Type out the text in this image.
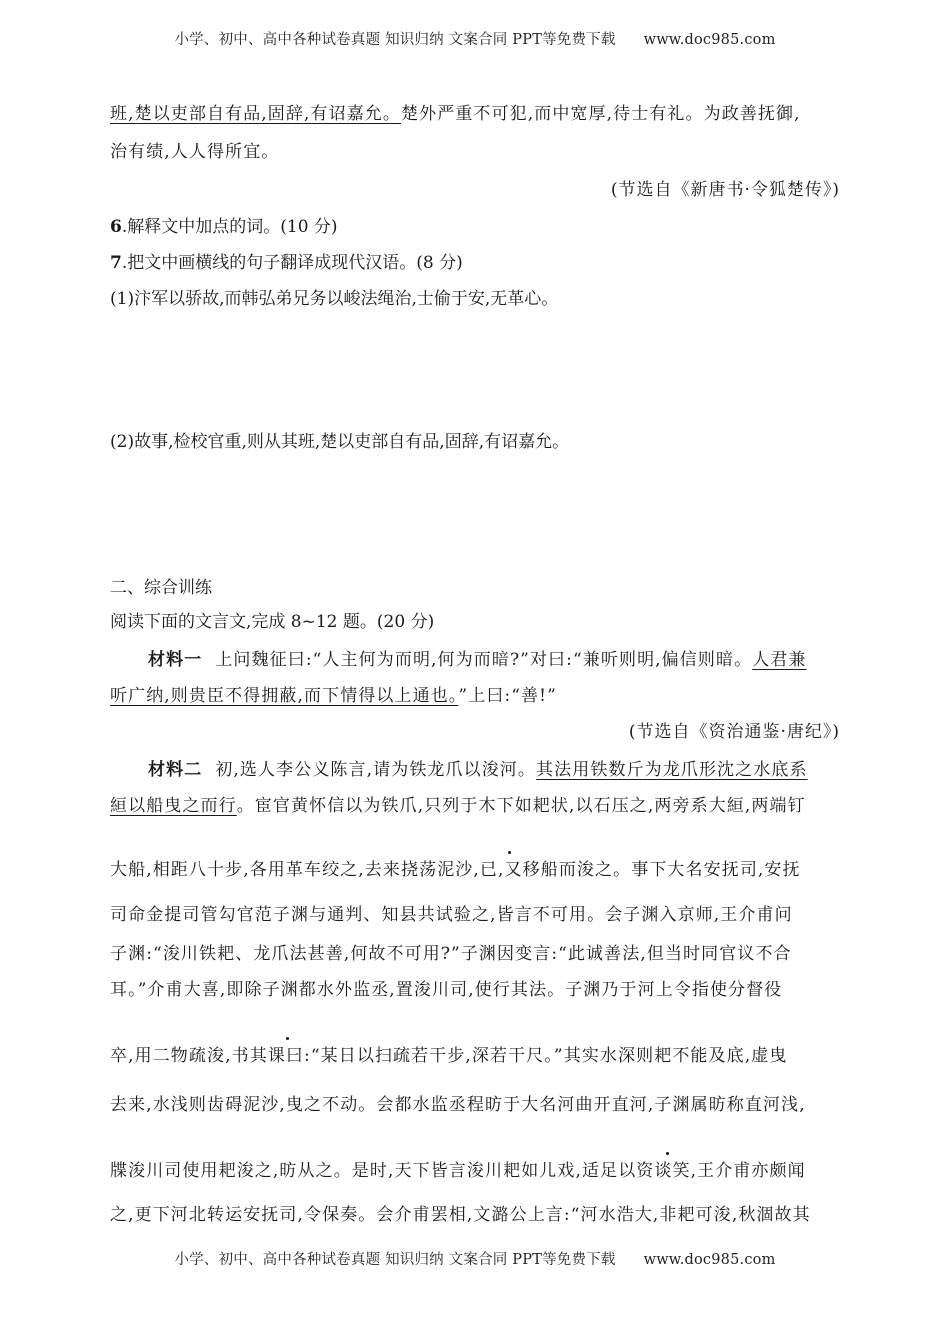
小学、初中、高中各种试卷真题 知识归纳 文案合同 PPT等免费下载 www.doc985.com
班,楚以吏部自有品,固辞,有诏嘉允。楚外严重不可犯,而中宽厚,待士有礼。为政善抚御,
治有绩,人人得所宜。
(节选自《新唐书·令狐楚传》)
6.解释文中加点的词。(10 分)
7.把文中画横线的句子翻译成现代汉语。(8 分)
(1)汴军以骄故,而韩弘弟兄务以峻法绳治,士偷于安,无革心。
(2)故事,检校官重,则从其班,楚以吏部自有品,固辞,有诏嘉允。
二、综合训练
阅读下面的文言文,完成 8~12 题。(20 分)
材料一 上问魏征曰:“人主何为而明,何为而暗?”对曰:“兼听则明,偏信则暗。人君兼
听广纳,则贵臣不得拥蔽,而下情得以上通也。”上曰:“善!”
(节选自《资治通鉴·唐纪》)
材料二 初,选人李公义陈言,请为铁龙爪以浚河。其法用铁数斤为龙爪形沈之水底系
絙以船曳之而行。宦官黄怀信以为铁爪,只列于木下如耙状,以石压之,两旁系大絙,两端钉
大船,相距八十步,各用革车绞之,去来挠荡泥沙,已,又移船而浚之。事下大名安抚司,安抚
司命金提司管勾官范子渊与通判、知县共试验之,皆言不可用。会子渊入京师,王介甫问
子渊:“浚川铁耙、龙爪法甚善,何故不可用?”子渊因变言:“此诚善法,但当时同官议不合
耳。”介甫大喜,即除子渊都水外监丞,置浚川司,使行其法。子渊乃于河上令指使分督役
卒,用二物疏浚,书其课曰:“某日以扫疏若干步,深若干尺。”其实水深则耙不能及底,虚曳
去来,水浅则齿碍泥沙,曳之不动。会都水监丞程昉于大名河曲开直河,子渊属昉称直河浅,
牒浚川司使用耙浚之,昉从之。是时,天下皆言浚川耙如儿戏,适足以资谈笑,王介甫亦颇闻
之,更下河北转运安抚司,令保奏。会介甫罢相,文潞公上言:“河水浩大,非耙可浚,秋涸故其
小学、初中、高中各种试卷真题 知识归纳 文案合同 PPT等免费下载 www.doc985.com
